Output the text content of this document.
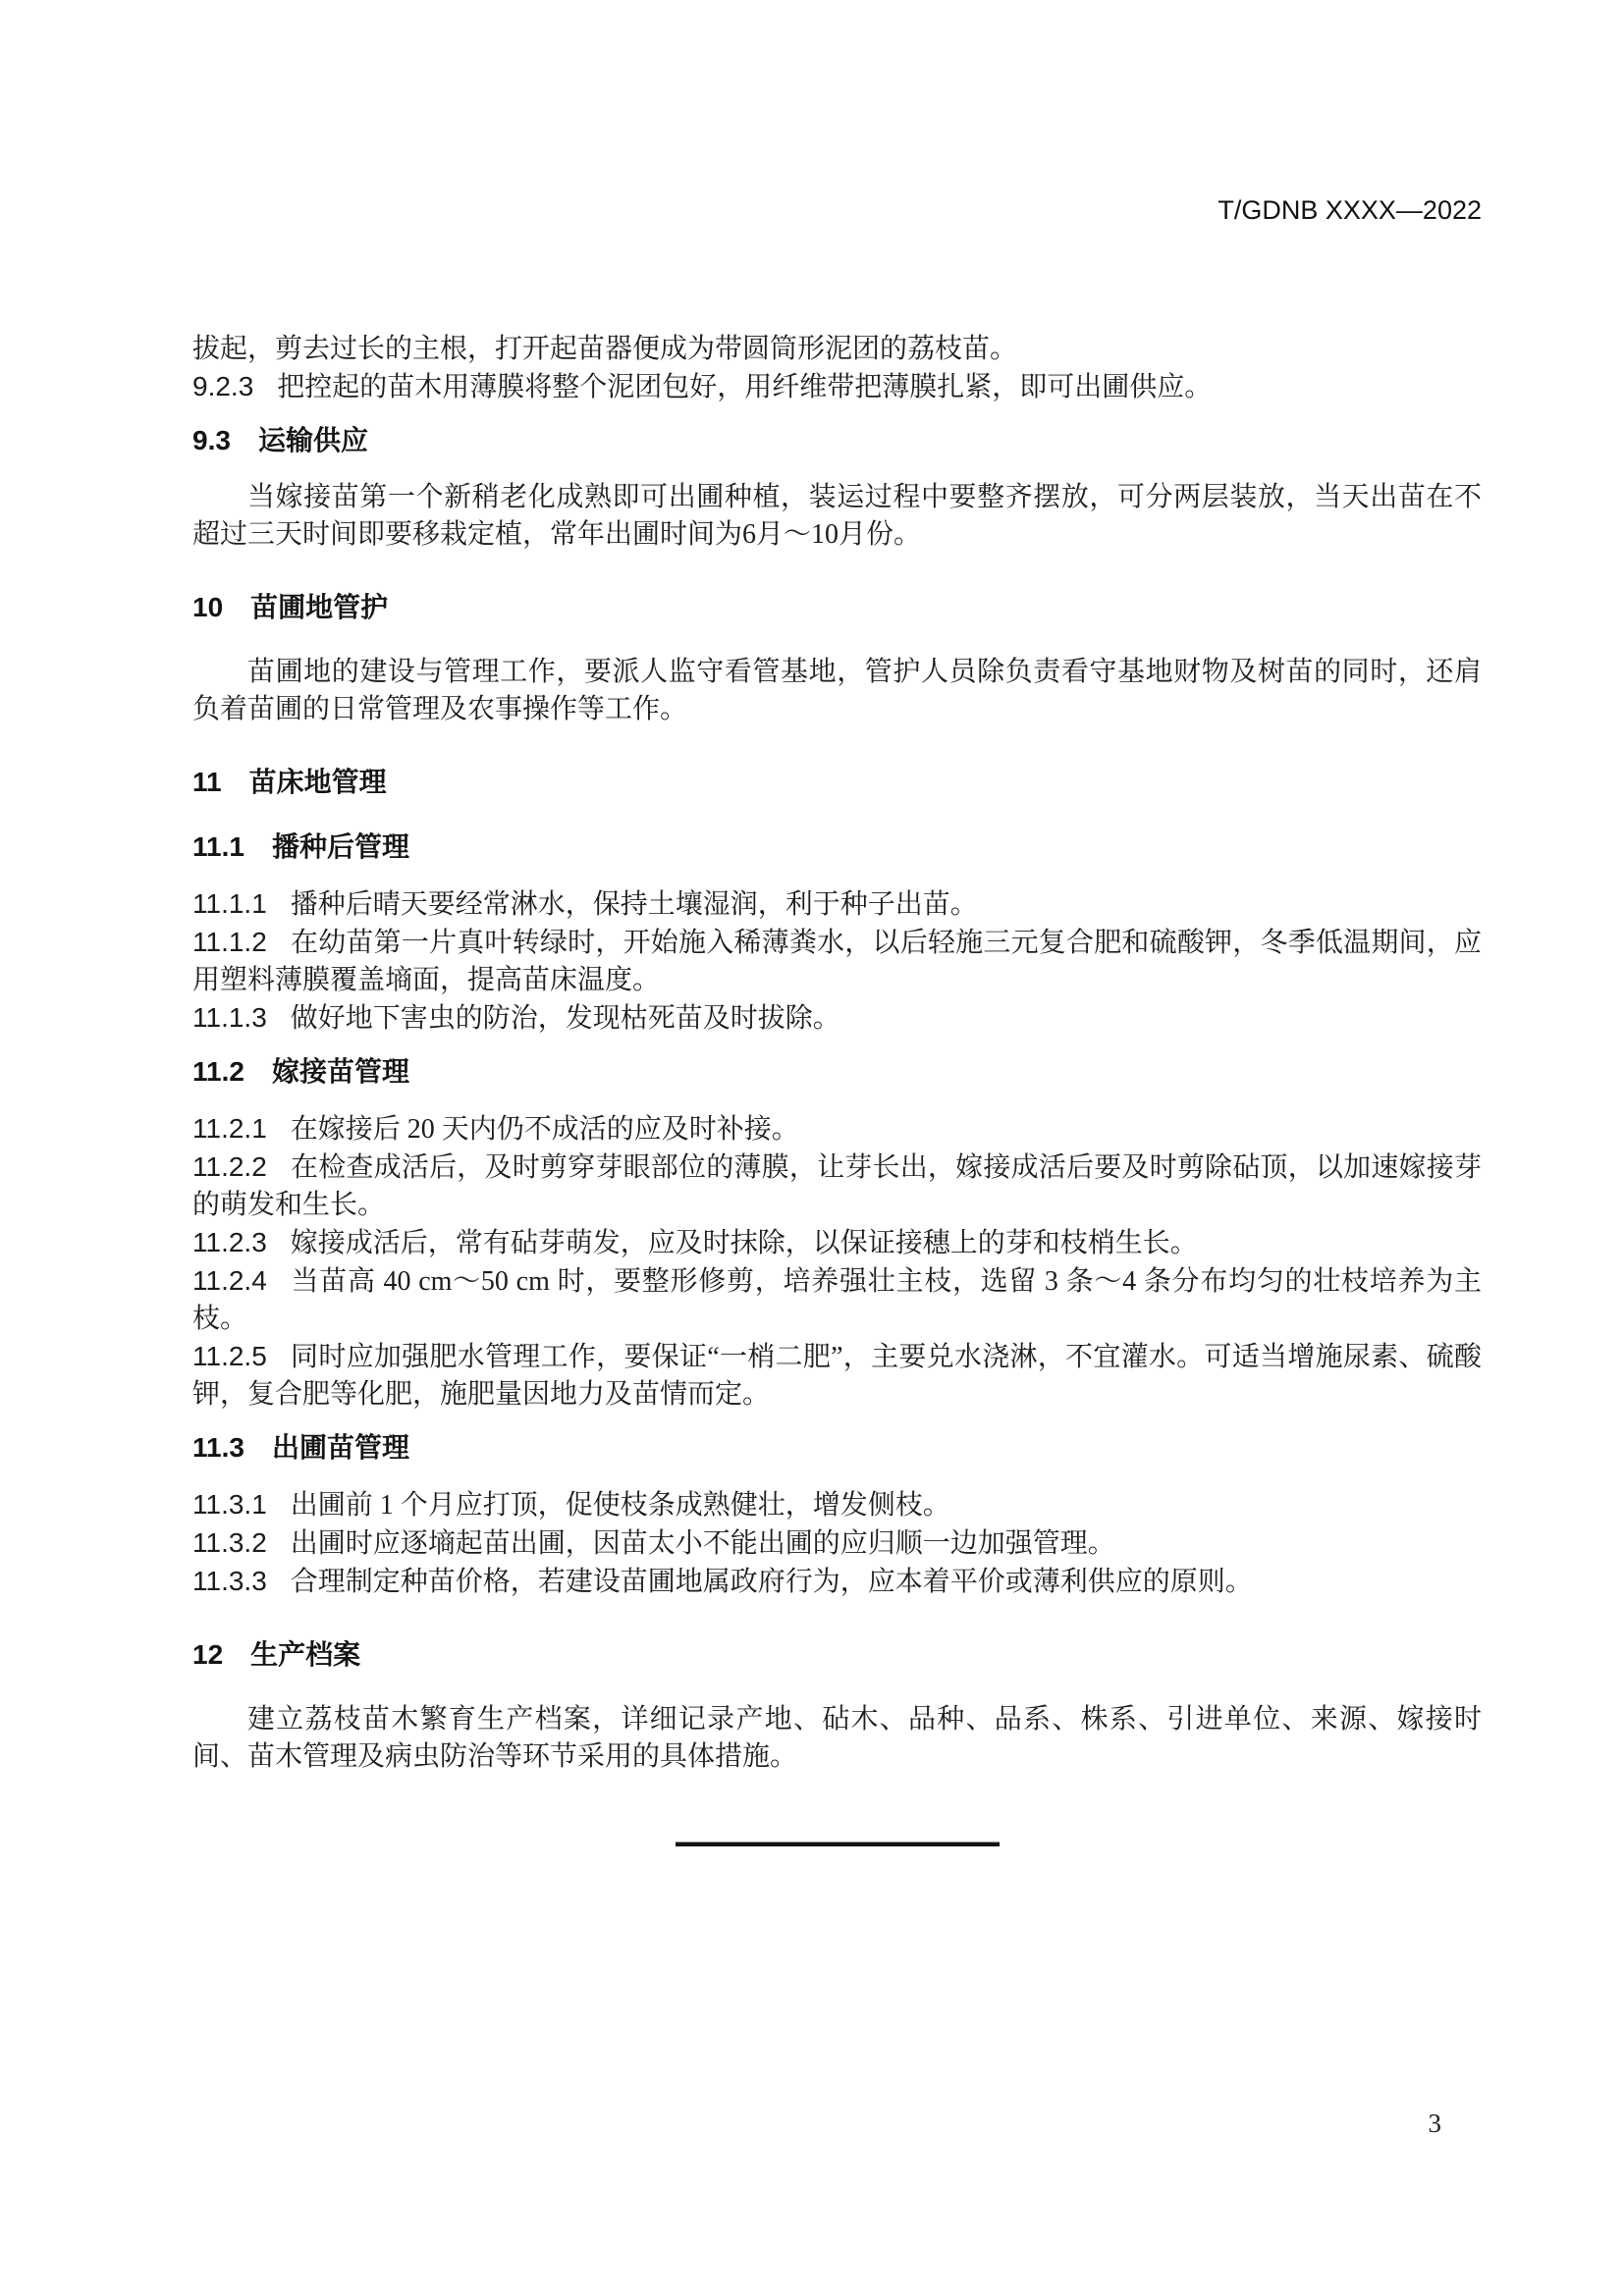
T/GDNB XXXX—2022

拔起，剪去过长的主根，打开起苗器便成为带圆筒形泥团的荔枝苗。

9.2.3 把控起的苗木用薄膜将整个泥团包好，用纤维带把薄膜扎紧，即可出圃供应。

9.3 运输供应

当嫁接苗第一个新稍老化成熟即可出圃种植，装运过程中要整齐摆放，可分两层装放，当天出苗在不超过三天时间即要移栽定植，常年出圃时间为6月～10月份。

10 苗圃地管护

苗圃地的建设与管理工作，要派人监守看管基地，管护人员除负责看守基地财物及树苗的同时，还肩负着苗圃的日常管理及农事操作等工作。

11 苗床地管理
11.1 播种后管理

11.1.1 播种后晴天要经常淋水，保持土壤湿润，利于种子出苗。

11.1.2 在幼苗第一片真叶转绿时，开始施入稀薄粪水，以后轻施三元复合肥和硫酸钾，冬季低温期间，应用塑料薄膜覆盖墒面，提高苗床温度。

11.1.3 做好地下害虫的防治，发现枯死苗及时拔除。

11.2 嫁接苗管理

11.2.1 在嫁接后 20 天内仍不成活的应及时补接。

11.2.2 在检查成活后，及时剪穿芽眼部位的薄膜，让芽长出，嫁接成活后要及时剪除砧顶，以加速嫁接芽的萌发和生长。

11.2.3 嫁接成活后，常有砧芽萌发，应及时抹除，以保证接穗上的芽和枝梢生长。

11.2.4 当苗高 40 cm～50 cm 时，要整形修剪，培养强壮主枝，选留 3 条～4 条分布均匀的壮枝培养为主枝。

11.2.5 同时应加强肥水管理工作，要保证“一梢二肥”，主要兑水浇淋，不宜灌水。可适当增施尿素、硫酸钾，复合肥等化肥，施肥量因地力及苗情而定。

11.3 出圃苗管理

11.3.1 出圃前 1 个月应打顶，促使枝条成熟健壮，增发侧枝。

11.3.2 出圃时应逐墒起苗出圃，因苗太小不能出圃的应归顺一边加强管理。

11.3.3 合理制定种苗价格，若建设苗圃地属政府行为，应本着平价或薄利供应的原则。

12 生产档案

建立荔枝苗木繁育生产档案，详细记录产地、砧木、品种、品系、株系、引进单位、来源、嫁接时间、苗木管理及病虫防治等环节采用的具体措施。

3
